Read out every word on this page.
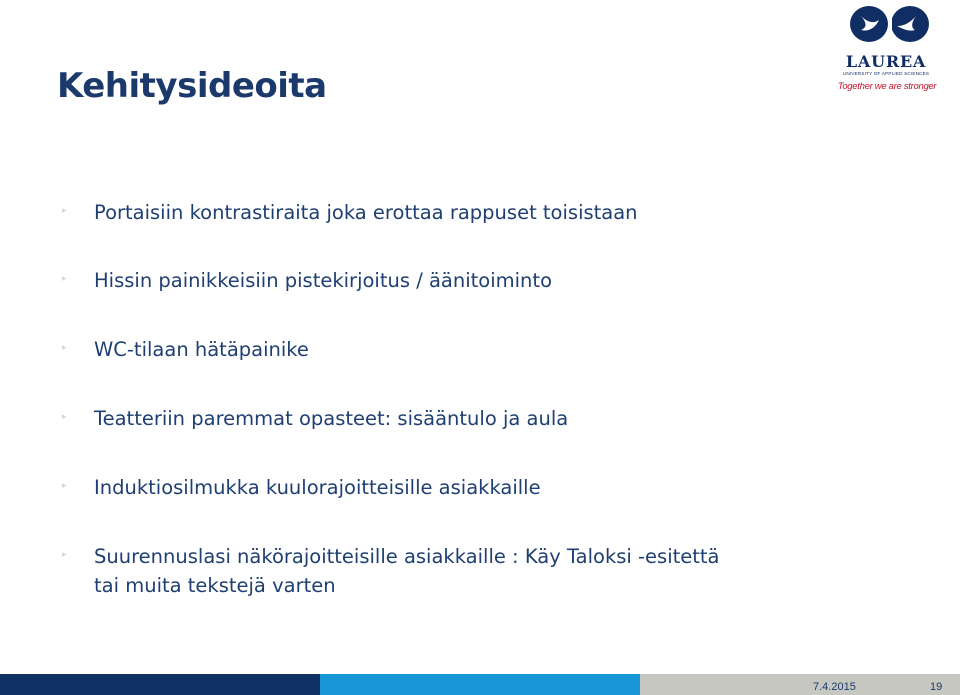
Kehitysideoita
LAUREA
UNIVERSITY OF APPLIED SCIENCES
Together we are stronger
▸ Portaisiin kontrastiraita joka erottaa rappuset toisistaan
▸ Hissin painikkeisiin pistekirjoitus / äänitoiminto
▸ WC-tilaan hätäpainike
▸ Teatteriin paremmat opasteet: sisääntulo ja aula
▸ Induktiosilmukka kuulorajoitteisille asiakkaille
▸ Suurennuslasi näkörajoitteisille asiakkaille : Käy Taloksi -esitettä tai muita tekstejä varten
7.4.2015	19
